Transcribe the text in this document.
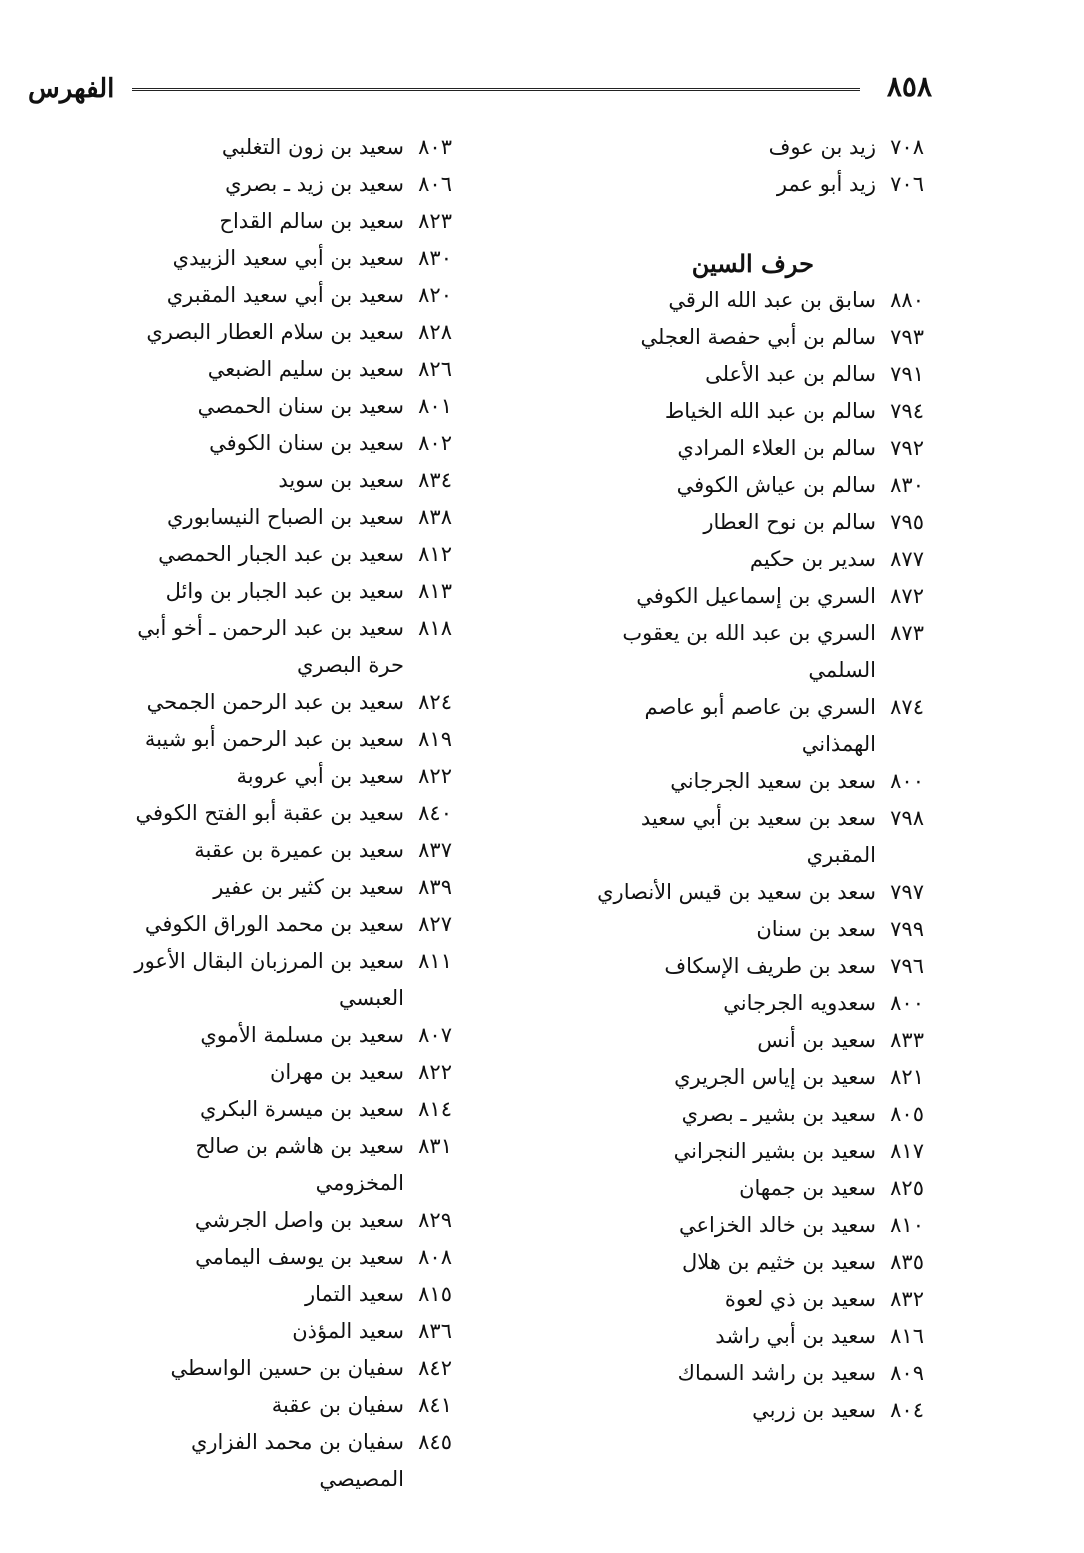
الفهرس	٨٥٨
٧٠٨
زيد بن عوف
٧٠٦
زيد أبو عمر
حرف السين
٨٨٠
سابق بن عبد الله الرقي
٧٩٣
سالم بن أبي حفصة العجلي
٧٩١
سالم بن عبد الأعلى
٧٩٤
سالم بن عبد الله الخياط
٧٩٢
سالم بن العلاء المرادي
٨٣٠
سالم بن عياش الكوفي
٧٩٥
سالم بن نوح العطار
٨٧٧
سدير بن حكيم
٨٧٢
السري بن إسماعيل الكوفي
٨٧٣
السري بن عبد الله بن يعقوب السلمي
٨٧٤
السري بن عاصم أبو عاصم الهمذاني
٨٠٠
سعد بن سعيد الجرجاني
٧٩٨
سعد بن سعيد بن أبي سعيد المقبري
٧٩٧
سعد بن سعيد بن قيس الأنصاري
٧٩٩
سعد بن سنان
٧٩٦
سعد بن طريف الإسكاف
٨٠٠
سعدويه الجرجاني
٨٣٣
سعيد بن أنس
٨٢١
سعيد بن إياس الجريري
٨٠٥
سعيد بن بشير ـ بصري
٨١٧
سعيد بن بشير النجراني
٨٢٥
سعيد بن جمهان
٨١٠
سعيد بن خالد الخزاعي
٨٣٥
سعيد بن خثيم بن هلال
٨٣٢
سعيد بن ذي لعوة
٨١٦
سعيد بن أبي راشد
٨٠٩
سعيد بن راشد السماك
٨٠٤
سعيد بن زربي
٨٠٣
سعيد بن زون التغلبي
٨٠٦
سعيد بن زيد ـ بصري
٨٢٣
سعيد بن سالم القداح
٨٣٠
سعيد بن أبي سعيد الزبيدي
٨٢٠
سعيد بن أبي سعيد المقبري
٨٢٨
سعيد بن سلام العطار البصري
٨٢٦
سعيد بن سليم الضبعي
٨٠١
سعيد بن سنان الحمصي
٨٠٢
سعيد بن سنان الكوفي
٨٣٤
سعيد بن سويد
٨٣٨
سعيد بن الصباح النيسابوري
٨١٢
سعيد بن عبد الجبار الحمصي
٨١٣
سعيد بن عبد الجبار بن وائل
٨١٨
سعيد بن عبد الرحمن ـ أخو أبي حرة البصري
٨٢٤
سعيد بن عبد الرحمن الجمحي
٨١٩
سعيد بن عبد الرحمن أبو شيبة
٨٢٢
سعيد بن أبي عروبة
٨٤٠
سعيد بن عقبة أبو الفتح الكوفي
٨٣٧
سعيد بن عميرة بن عقبة
٨٣٩
سعيد بن كثير بن عفير
٨٢٧
سعيد بن محمد الوراق الكوفي
٨١١
سعيد بن المرزبان البقال الأعور العبسي
٨٠٧
سعيد بن مسلمة الأموي
٨٢٢
سعيد بن مهران
٨١٤
سعيد بن ميسرة البكري
٨٣١
سعيد بن هاشم بن صالح المخزومي
٨٢٩
سعيد بن واصل الجرشي
٨٠٨
سعيد بن يوسف اليمامي
٨١٥
سعيد التمار
٨٣٦
سعيد المؤذن
٨٤٢
سفيان بن حسين الواسطي
٨٤١
سفيان بن عقبة
٨٤٥
سفيان بن محمد الفزاري المصيصي
